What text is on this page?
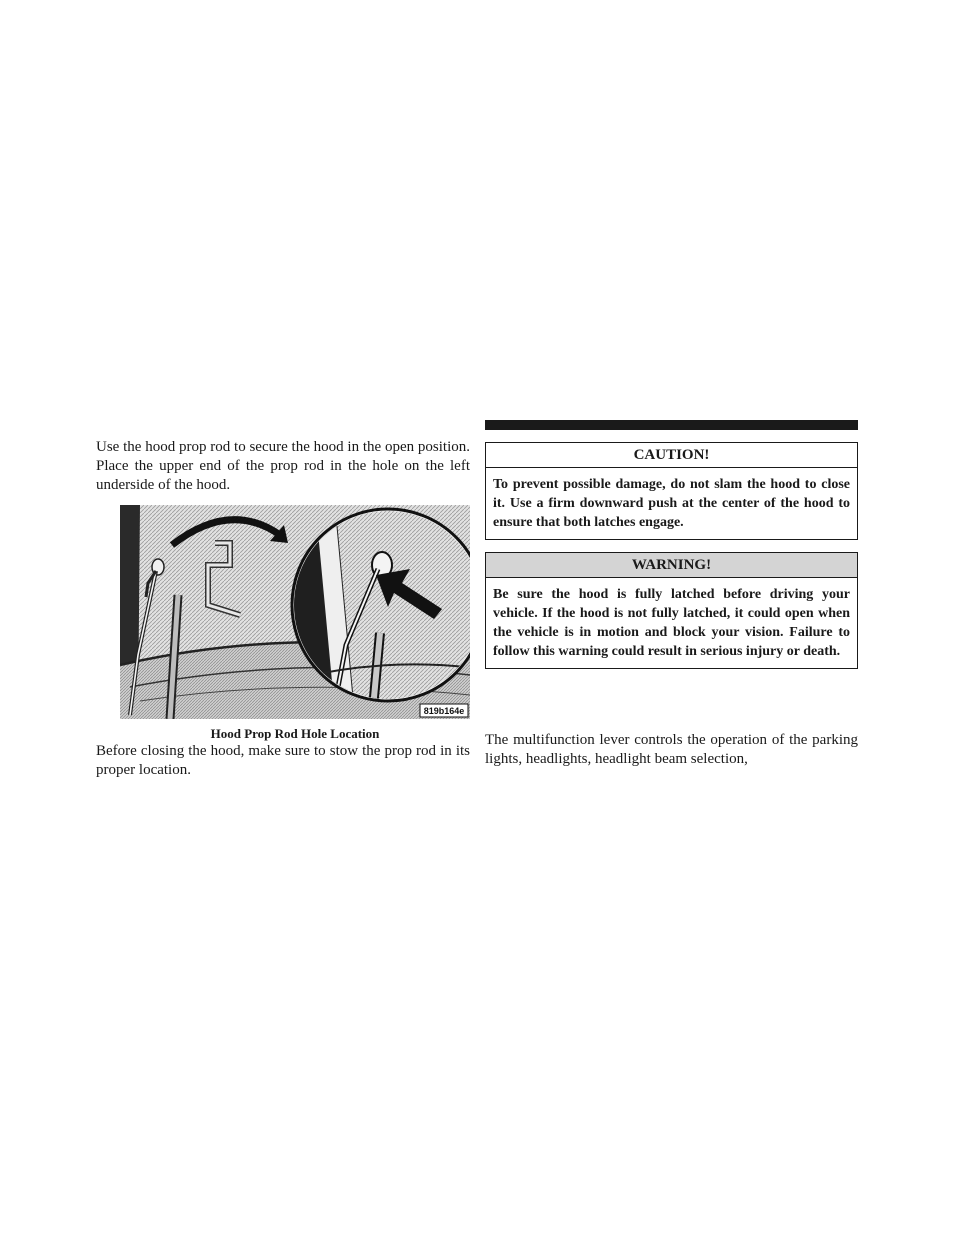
Use the hood prop rod to secure the hood in the open position. Place the upper end of the prop rod in the hole on the left underside of the hood.

819b164e
Hood Prop Rod Hole Location

Before closing the hood, make sure to stow the prop rod in its proper location.

CAUTION!
To prevent possible damage, do not slam the hood to close it. Use a firm downward push at the center of the hood to ensure that both latches engage.
WARNING!
Be sure the hood is fully latched before driving your vehicle. If the hood is not fully latched, it could open when the vehicle is in motion and block your vision. Failure to follow this warning could result in serious injury or death.

The multifunction lever controls the operation of the parking lights, headlights, headlight beam selection,
